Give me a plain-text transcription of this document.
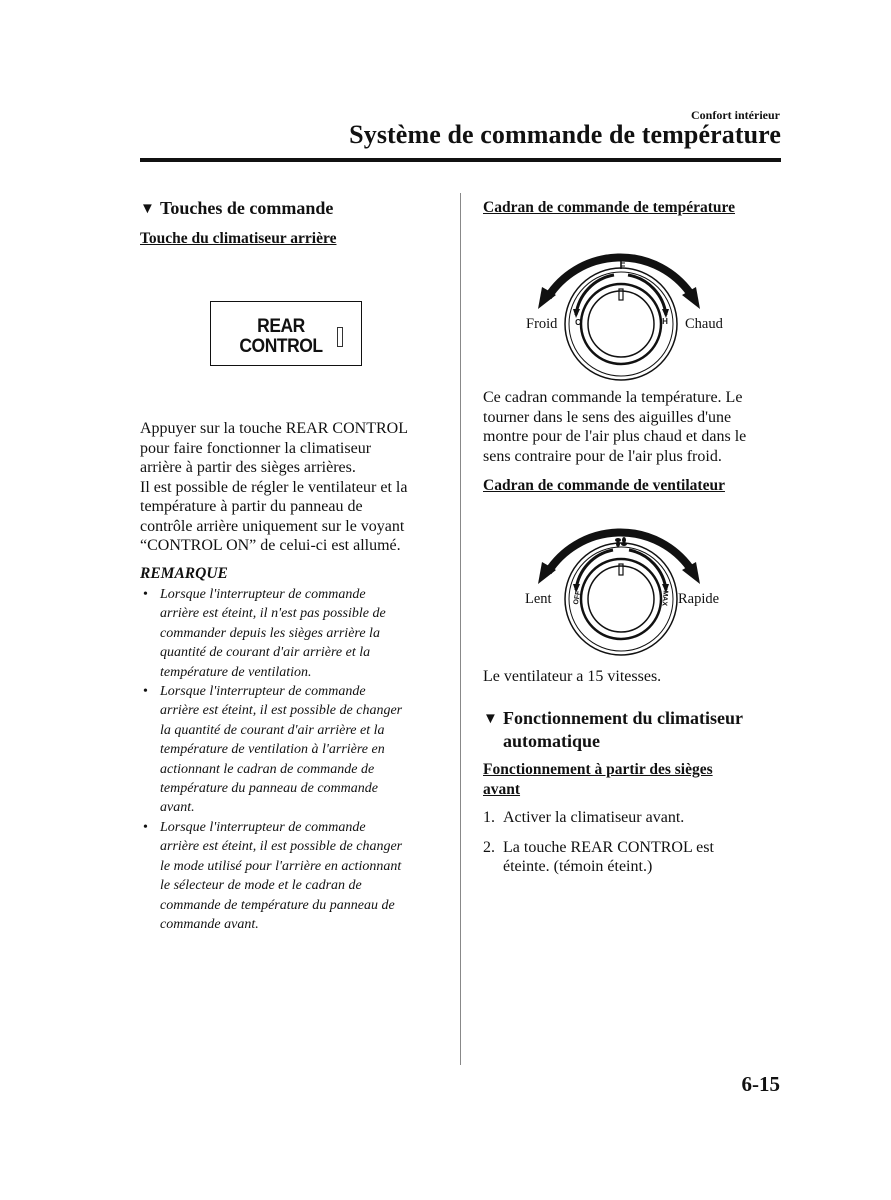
Confort intérieur
Système de commande de température
▼ Touches de commande
Touche du climatiseur arrière
REAR
CONTROL
Appuyer sur la touche REAR CONTROL
pour faire fonctionner la climatiseur
arrière à partir des sièges arrières.
Il est possible de régler le ventilateur et la
température à partir du panneau de
contrôle arrière uniquement sur le voyant
“CONTROL ON” de celui-ci est allumé.
REMARQUE
• Lorsque l'interrupteur de commande
arrière est éteint, il n'est pas possible de
commander depuis les sièges arrière la
quantité de courant d'air arrière et la
température de ventilation.
• Lorsque l'interrupteur de commande
arrière est éteint, il est possible de changer
la quantité de courant d'air arrière et la
température de ventilation à l'arrière en
actionnant le cadran de commande de
température du panneau de commande
avant.
• Lorsque l'interrupteur de commande
arrière est éteint, il est possible de changer
le mode utilisé pour l'arrière en actionnant
le sélecteur de mode et le cadran de
commande de température du panneau de
commande avant.
Cadran de commande de température
C	H
Froid	Chaud
Ce cadran commande la température. Le
tourner dans le sens des aiguilles d'une
montre pour de l'air plus chaud et dans le
sens contraire pour de l'air plus froid.
Cadran de commande de ventilateur
OFF	MAX
Lent	Rapide
Le ventilateur a 15 vitesses.
▼ Fonctionnement du climatiseur
automatique
Fonctionnement à partir des sièges
avant
1. Activer la climatiseur avant.
2. La touche REAR CONTROL est
éteinte. (témoin éteint.)
6-15
